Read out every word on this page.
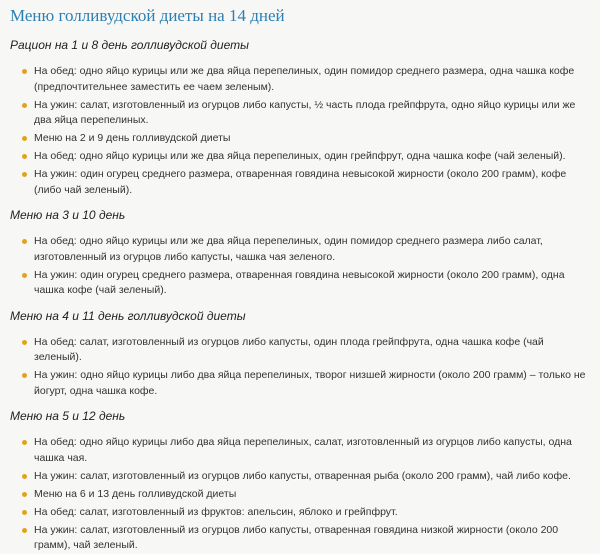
Меню голливудской диеты на 14 дней
Рацион на 1 и 8 день голливудской диеты
На обед: одно яйцо курицы или же два яйца перепелиных, один помидор среднего размера, одна чашка кофе (предпочтительнее заместить ее чаем зеленым).
На ужин: салат, изготовленный из огурцов либо капусты, ½ часть плода грейпфрута, одно яйцо курицы или же два яйца перепелиных.
Меню на 2 и 9 день голливудской диеты
На обед: одно яйцо курицы или же два яйца перепелиных, один грейпфрут, одна чашка кофе (чай зеленый).
На ужин: один огурец среднего размера, отваренная говядина невысокой жирности (около 200 грамм), кофе (либо чай зеленый).
Меню на 3 и 10 день
На обед: одно яйцо курицы или же два яйца перепелиных, один помидор среднего размера либо салат, изготовленный из огурцов либо капусты, чашка чая зеленого.
На ужин: один огурец среднего размера, отваренная говядина невысокой жирности (около 200 грамм), одна чашка кофе (чай зеленый).
Меню на 4 и 11 день голливудской диеты
На обед: салат, изготовленный из огурцов либо капусты, один плода грейпфрута, одна чашка кофе (чай зеленый).
На ужин: одно яйцо курицы либо два яйца перепелиных, творог низшей жирности (около 200 грамм) – только не йогурт, одна чашка кофе.
Меню на 5 и 12 день
На обед: одно яйцо курицы либо два яйца перепелиных, салат, изготовленный из огурцов либо капусты, одна чашка чая.
На ужин: салат, изготовленный из огурцов либо капусты, отваренная рыба (около 200 грамм), чай либо кофе.
Меню на 6 и 13 день голливудской диеты
На обед: салат, изготовленный из фруктов: апельсин, яблоко и грейпфрут.
На ужин: салат, изготовленный из огурцов либо капусты, отваренная говядина низкой жирности (около 200 грамм), чай зеленый.
